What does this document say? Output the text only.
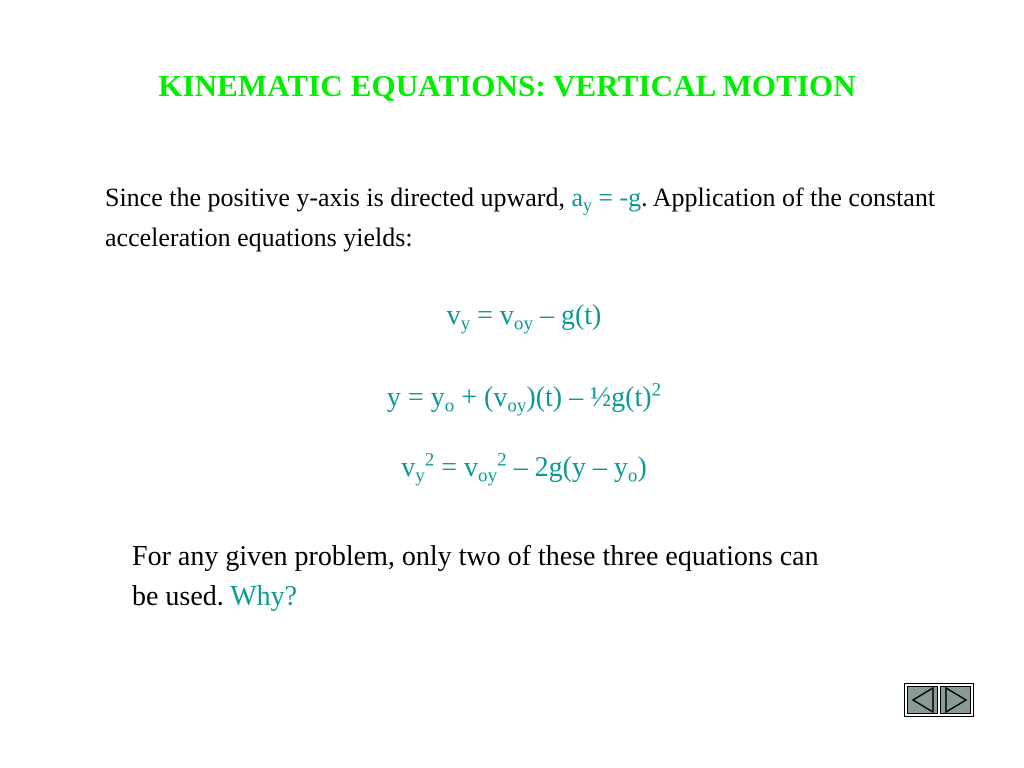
KINEMATIC EQUATIONS: VERTICAL MOTION
Since the positive y-axis is directed upward, $a_y = -g$. Application of the constant acceleration equations yields:
$v_y = v_{oy} - g(t)$
$y = y_o + (v_{oy})(t)$ – $\frac{1}{2}g(t)^2$
$v_y^2 = v_{oy}^2 - 2g(y - y_o)$
For any given problem, only two of these three equations can be used. Why?
